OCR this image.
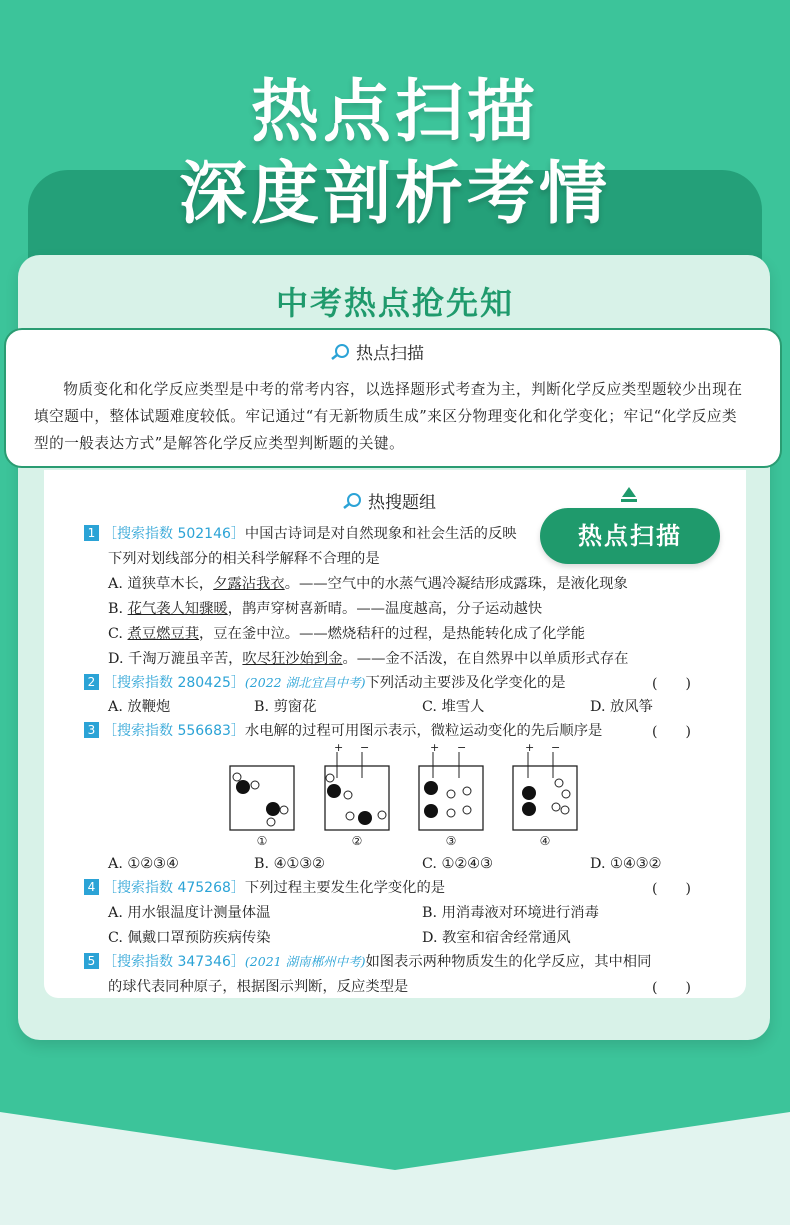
热点扫描
深度剖析考情
中考热点抢先知
热点扫描
物质变化和化学反应类型是中考的常考内容，以选择题形式考查为主，判断化学反应类型题较少出现在填空题中，整体试题难度较低。牢记通过“有无新物质生成”来区分物理变化和化学变化；牢记“化学反应类型的一般表达方式”是解答化学反应类型判断题的关键。
热搜题组
1 ［搜索指数 502146］中国古诗词是对自然现象和社会生活的反映	热点扫描
下列对划线部分的相关科学解释不合理的是
A. 道狭草木长，夕露沾我衣。——空气中的水蒸气遇冷凝结形成露珠，是液化现象
B. 花气袭人知骤暖，鹊声穿树喜新晴。——温度越高，分子运动越快
C. 煮豆燃豆萁，豆在釜中泣。——燃烧秸秆的过程，是热能转化成了化学能
D. 千淘万漉虽辛苦，吹尽狂沙始到金。——金不活泼，在自然界中以单质形式存在
2 ［搜索指数 280425］(2022 湖北宜昌中考)下列活动主要涉及化学变化的是	(　　)
A. 放鞭炮	B. 剪窗花	C. 堆雪人	D. 放风筝
3 ［搜索指数 556683］水电解的过程可用图示表示，微粒运动变化的先后顺序是	(　　)
①
+ −
②
+ −
③
+ −
④
A. ①②③④	B. ④①③②	C. ①②④③	D. ①④③②
4 ［搜索指数 475268］下列过程主要发生化学变化的是	(　　)
A. 用水银温度计测量体温	B. 用消毒液对环境进行消毒
C. 佩戴口罩预防疾病传染	D. 教室和宿舍经常通风
5 ［搜索指数 347346］(2021 湖南郴州中考)如图表示两种物质发生的化学反应，其中相同
的球代表同种原子，根据图示判断，反应类型是	(　　)
